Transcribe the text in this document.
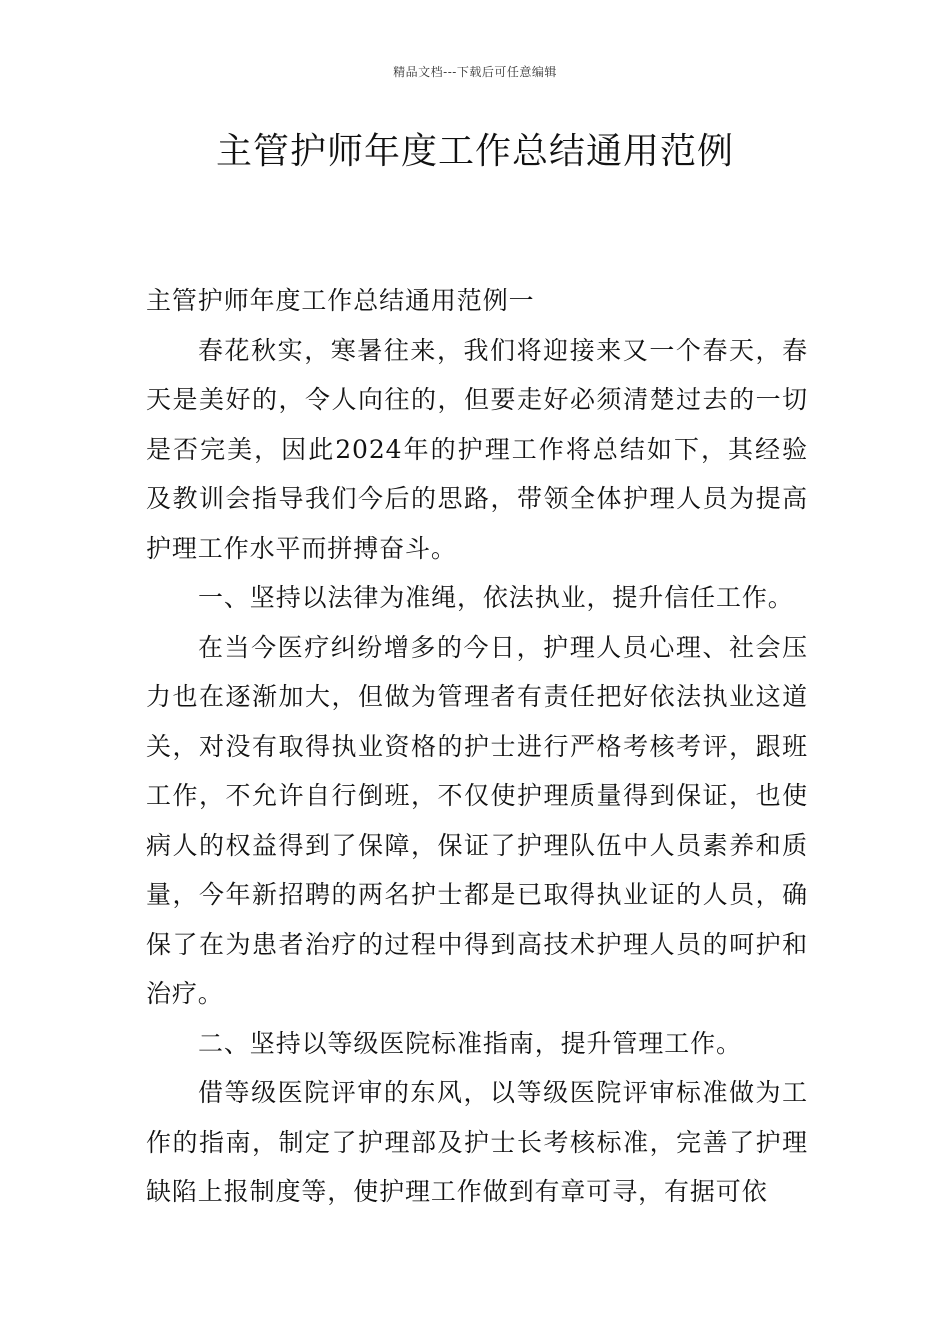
精品文档---下载后可任意编辑
主管护师年度工作总结通用范例

主管护师年度工作总结通用范例一

春花秋实，寒暑往来，我们将迎接来又一个春天，春天是美好的，令人向往的，但要走好必须清楚过去的一切是否完美，因此2024年的护理工作将总结如下，其经验及教训会指导我们今后的思路，带领全体护理人员为提高护理工作水平而拼搏奋斗。

一、坚持以法律为准绳，依法执业，提升信任工作。

在当今医疗纠纷增多的今日，护理人员心理、社会压力也在逐渐加大，但做为管理者有责任把好依法执业这道关，对没有取得执业资格的护士进行严格考核考评，跟班工作，不允许自行倒班，不仅使护理质量得到保证，也使病人的权益得到了保障，保证了护理队伍中人员素养和质量，今年新招聘的两名护士都是已取得执业证的人员，确保了在为患者治疗的过程中得到高技术护理人员的呵护和治疗。

二、坚持以等级医院标准指南，提升管理工作。

借等级医院评审的东风，以等级医院评审标准做为工作的指南，制定了护理部及护士长考核标准，完善了护理缺陷上报制度等，使护理工作做到有章可寻，有据可依
